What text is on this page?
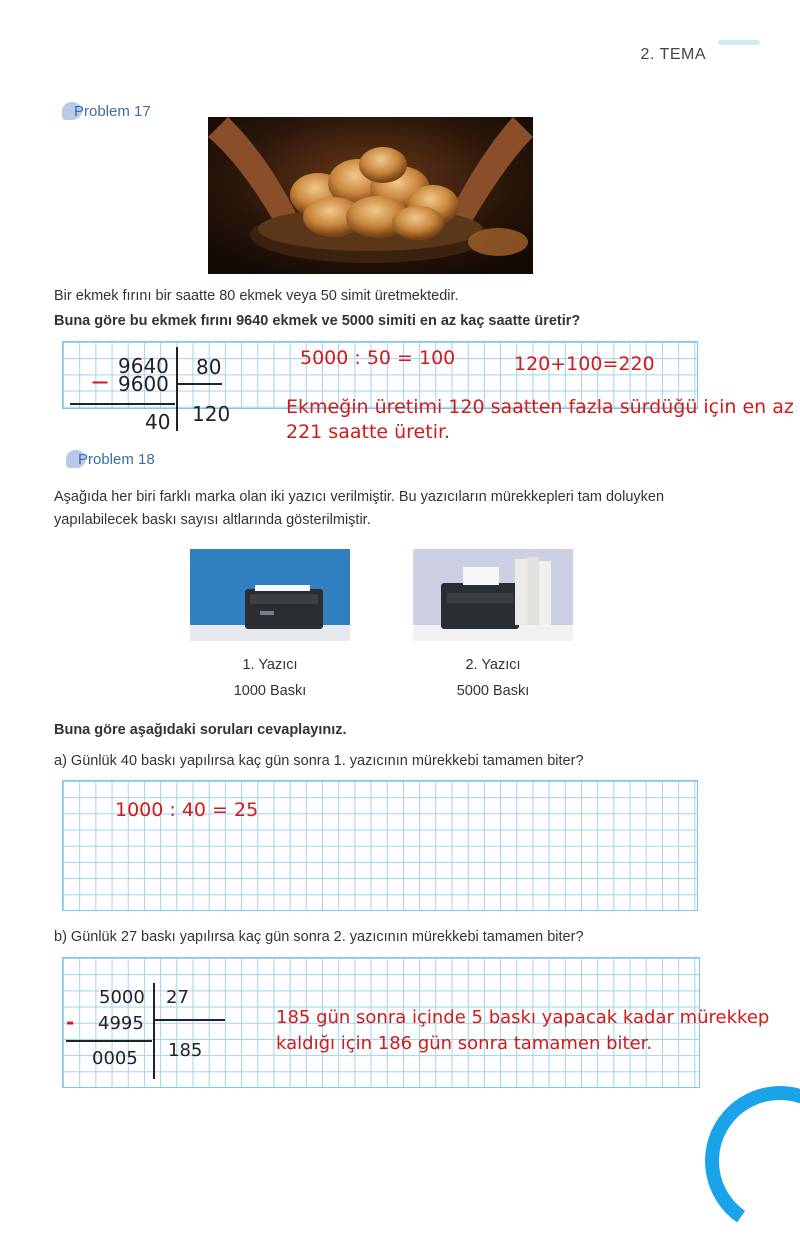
2. TEMA
Problem 17
Bir ekmek fırını bir saatte 80 ekmek veya 50 simit üretmektedir.
Buna göre bu ekmek fırını 9640 ekmek ve 5000 simiti en az kaç saatte üretir?
9640
− 9600
40
80
120
5000 : 50 = 100	120+100=220
Ekmeğin üretimi 120 saatten fazla sürdüğü için en az 221 saatte üretir.
Problem 18
Aşağıda her biri farklı marka olan iki yazıcı verilmiştir. Bu yazıcıların mürekkepleri tam doluyken yapılabilecek baskı sayısı altlarında gösterilmiştir.
1. Yazıcı
1000 Baskı
2. Yazıcı
5000 Baskı
Buna göre aşağıdaki soruları cevaplayınız.
a) Günlük 40 baskı yapılırsa kaç gün sonra 1. yazıcının mürekkebi tamamen biter?
1000 : 40 = 25
b) Günlük 27 baskı yapılırsa kaç gün sonra 2. yazıcının mürekkebi tamamen biter?
5000
- 4995
0005
27
185
185 gün sonra içinde 5 baskı yapacak kadar mürekkep kaldığı için 186 gün sonra tamamen biter.
